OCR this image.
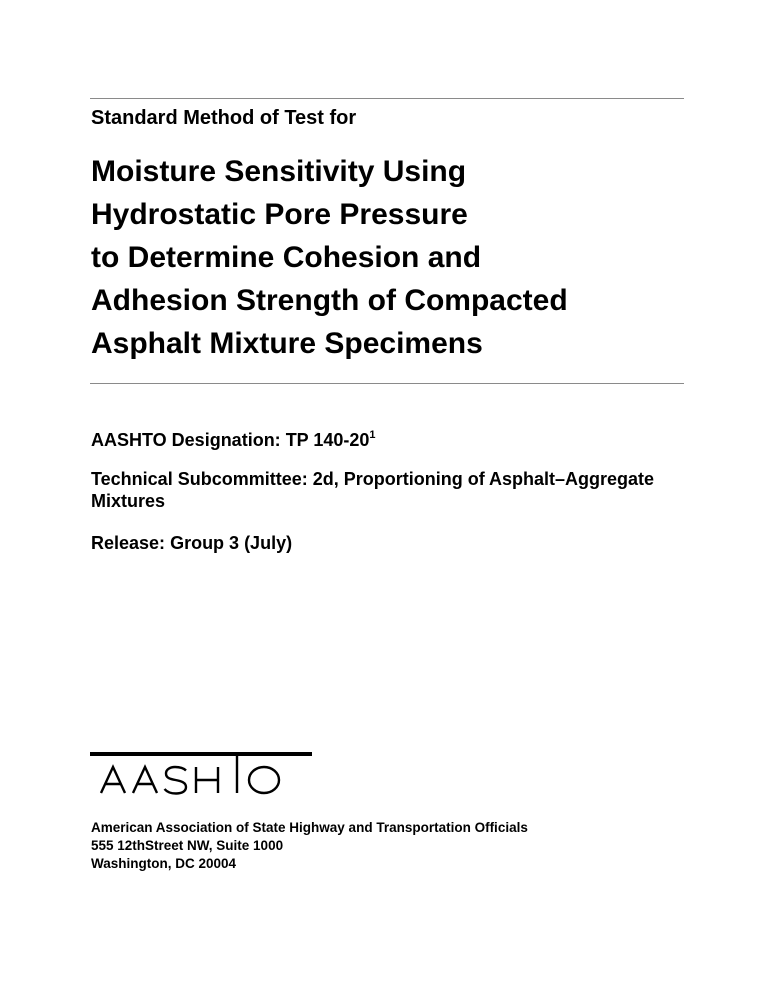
Standard Method of Test for
Moisture Sensitivity Using
Hydrostatic Pore Pressure
to Determine Cohesion and
Adhesion Strength of Compacted
Asphalt Mixture Specimens
AASHTO Designation: TP $140-20^1$
Technical Subcommittee: 2d, Proportioning of Asphalt–Aggregate Mixtures
Release: Group 3 (July)
American Association of State Highway and Transportation Officials
555 12thStreet NW, Suite 1000
Washington, DC 20004
